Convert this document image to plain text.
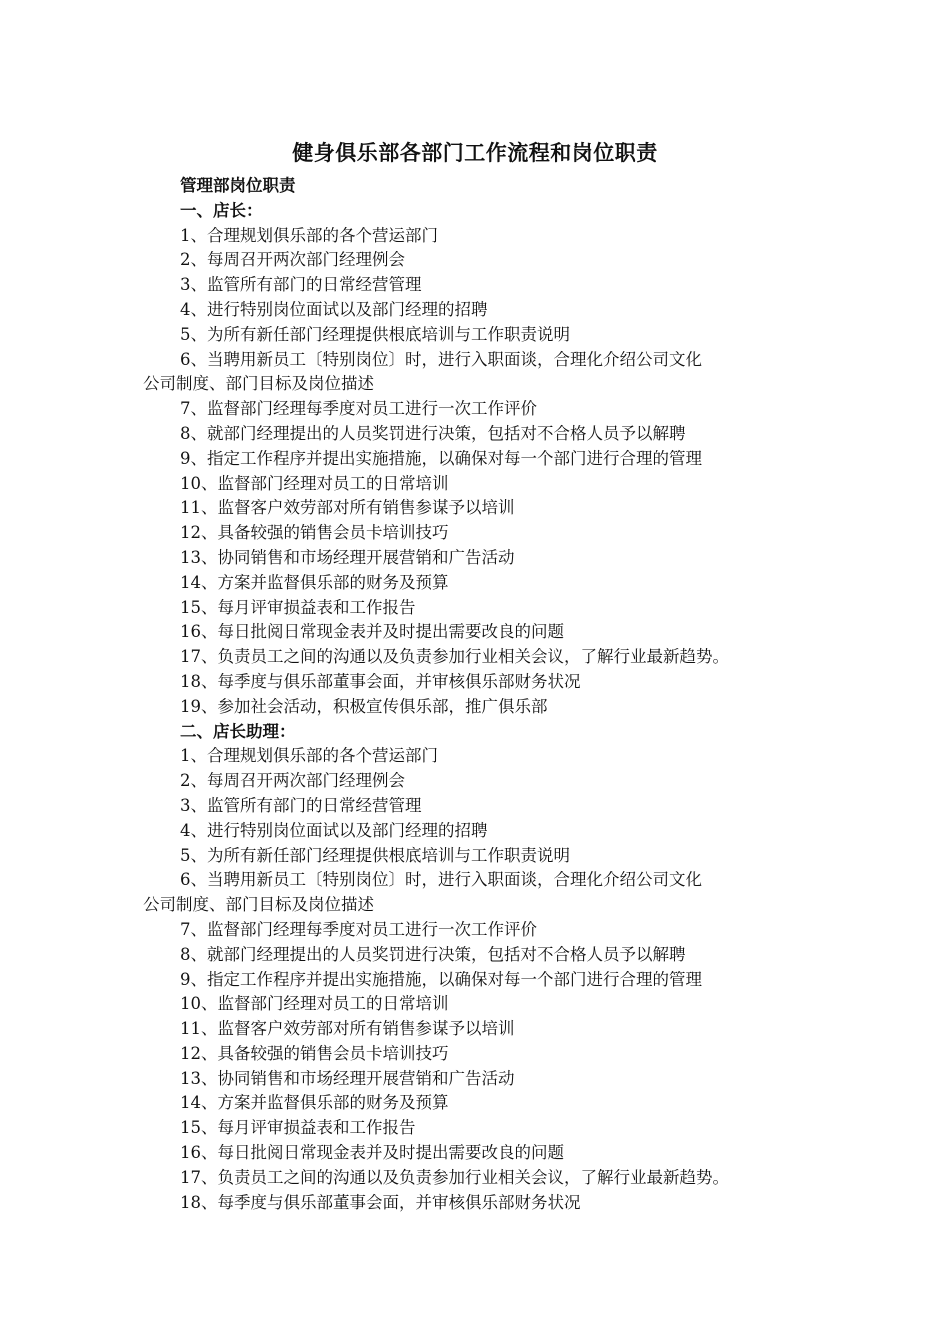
健身俱乐部各部门工作流程和岗位职责
管理部岗位职责
一、店长：
1、合理规划俱乐部的各个营运部门
2、每周召开两次部门经理例会
3、监管所有部门的日常经营管理
4、进行特别岗位面试以及部门经理的招聘
5、为所有新任部门经理提供根底培训与工作职责说明
6、当聘用新员工〔特别岗位〕时，进行入职面谈，合理化介绍公司文化
公司制度、部门目标及岗位描述
7、监督部门经理每季度对员工进行一次工作评价
8、就部门经理提出的人员奖罚进行决策，包括对不合格人员予以解聘
9、指定工作程序并提出实施措施，以确保对每一个部门进行合理的管理
10、监督部门经理对员工的日常培训
11、监督客户效劳部对所有销售参谋予以培训
12、具备较强的销售会员卡培训技巧
13、协同销售和市场经理开展营销和广告活动
14、方案并监督俱乐部的财务及预算
15、每月评审损益表和工作报告
16、每日批阅日常现金表并及时提出需要改良的问题
17、负责员工之间的沟通以及负责参加行业相关会议，了解行业最新趋势。
18、每季度与俱乐部董事会面，并审核俱乐部财务状况
19、参加社会活动，积极宣传俱乐部，推广俱乐部
二、店长助理：
1、合理规划俱乐部的各个营运部门
2、每周召开两次部门经理例会
3、监管所有部门的日常经营管理
4、进行特别岗位面试以及部门经理的招聘
5、为所有新任部门经理提供根底培训与工作职责说明
6、当聘用新员工〔特别岗位〕时，进行入职面谈，合理化介绍公司文化
公司制度、部门目标及岗位描述
7、监督部门经理每季度对员工进行一次工作评价
8、就部门经理提出的人员奖罚进行决策，包括对不合格人员予以解聘
9、指定工作程序并提出实施措施，以确保对每一个部门进行合理的管理
10、监督部门经理对员工的日常培训
11、监督客户效劳部对所有销售参谋予以培训
12、具备较强的销售会员卡培训技巧
13、协同销售和市场经理开展营销和广告活动
14、方案并监督俱乐部的财务及预算
15、每月评审损益表和工作报告
16、每日批阅日常现金表并及时提出需要改良的问题
17、负责员工之间的沟通以及负责参加行业相关会议，了解行业最新趋势。
18、每季度与俱乐部董事会面，并审核俱乐部财务状况
